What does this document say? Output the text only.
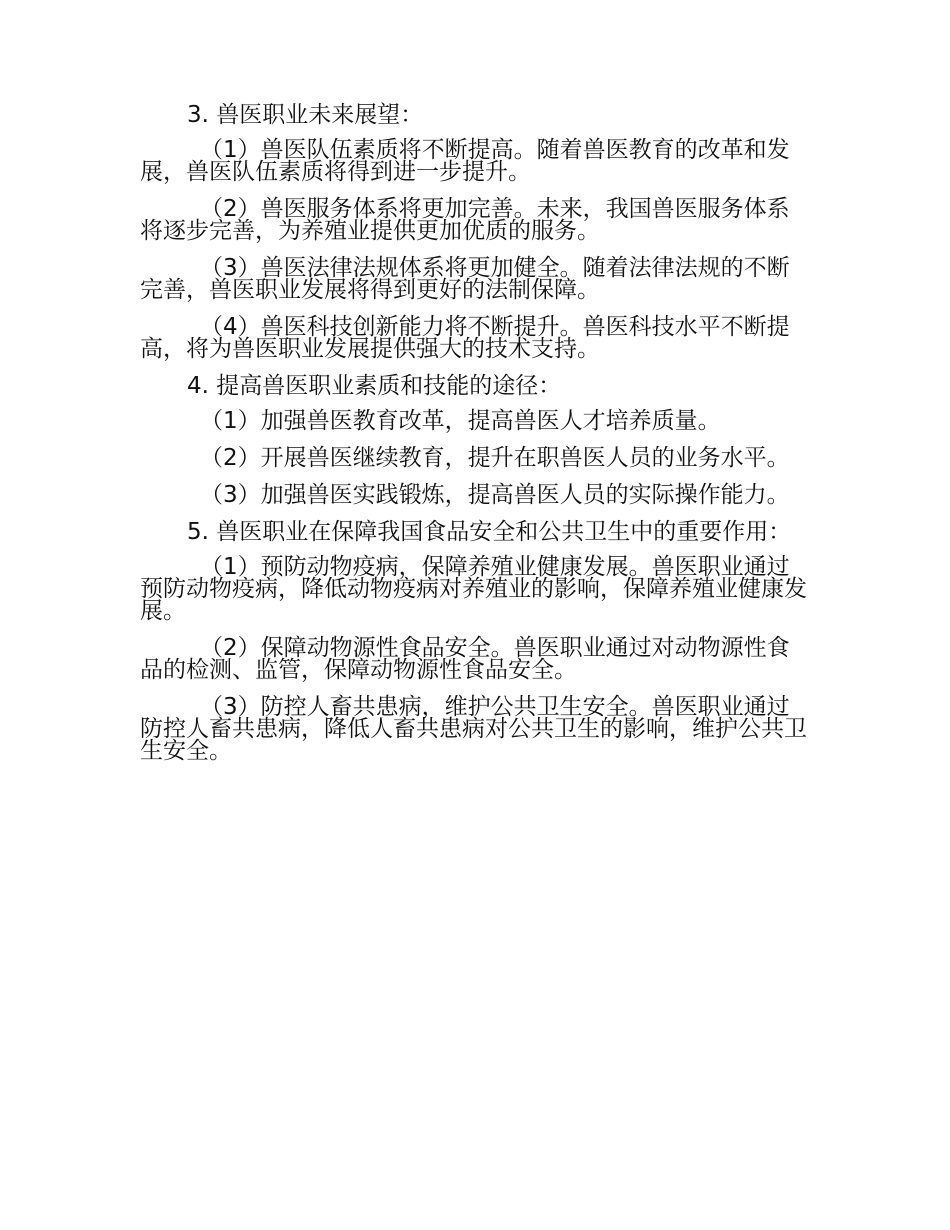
3. 兽医职业未来展望：

（1）兽医队伍素质将不断提高。随着兽医教育的改革和发展，兽医队伍素质将得到进一步提升。

（2）兽医服务体系将更加完善。未来，我国兽医服务体系将逐步完善，为养殖业提供更加优质的服务。

（3）兽医法律法规体系将更加健全。随着法律法规的不断完善，兽医职业发展将得到更好的法制保障。

（4）兽医科技创新能力将不断提升。兽医科技水平不断提高，将为兽医职业发展提供强大的技术支持。

4. 提高兽医职业素质和技能的途径：

（1）加强兽医教育改革，提高兽医人才培养质量。

（2）开展兽医继续教育，提升在职兽医人员的业务水平。

（3）加强兽医实践锻炼，提高兽医人员的实际操作能力。

5. 兽医职业在保障我国食品安全和公共卫生中的重要作用：

（1）预防动物疫病，保障养殖业健康发展。兽医职业通过预防动物疫病，降低动物疫病对养殖业的影响，保障养殖业健康发展。

（2）保障动物源性食品安全。兽医职业通过对动物源性食品的检测、监管，保障动物源性食品安全。

（3）防控人畜共患病，维护公共卫生安全。兽医职业通过防控人畜共患病，降低人畜共患病对公共卫生的影响，维护公共卫生安全。
